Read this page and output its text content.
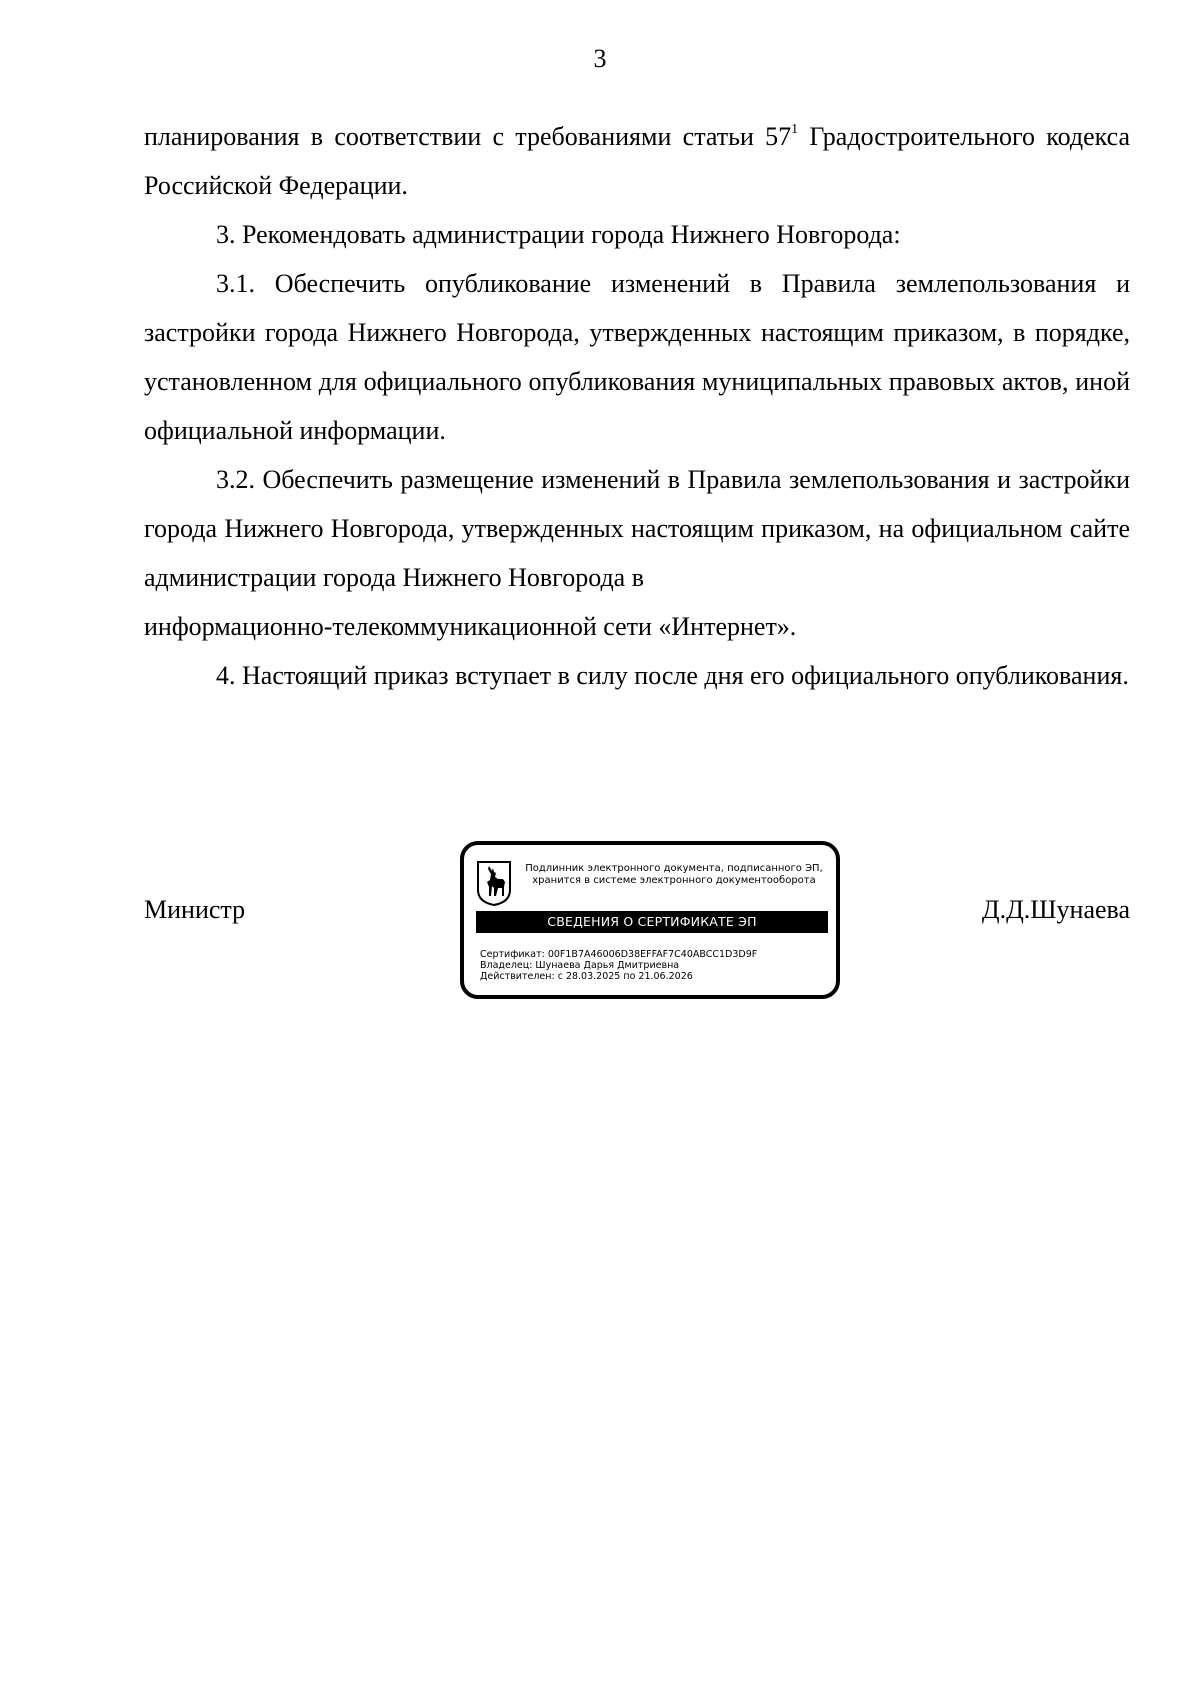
3

планирования в соответствии с требованиями статьи $57^1$ Градостроительного кодекса Российской Федерации.

3. Рекомендовать администрации города Нижнего Новгорода:

3.1. Обеспечить опубликование изменений в Правила землепользования и застройки города Нижнего Новгорода, утвержденных настоящим приказом, в порядке, установленном для официального опубликования муниципальных правовых актов, иной официальной информации.

3.2. Обеспечить размещение изменений в Правила землепользования и застройки города Нижнего Новгорода, утвержденных настоящим приказом, на официальном сайте администрации города Нижнего Новгорода в
информационно-телекоммуникационной сети «Интернет».

4. Настоящий приказ вступает в силу после дня его официального опубликования.

Министр	Д.Д.Шунаева
Подлинник электронного документа, подписанного ЭП,
хранится в системе электронного документооборота
СВЕДЕНИЯ О СЕРТИФИКАТЕ ЭП
Сертификат: 00F1B7A46006D38EFFAF7C40ABCC1D3D9F
Владелец: Шунаева Дарья Дмитриевна
Действителен: с 28.03.2025 по 21.06.2026
